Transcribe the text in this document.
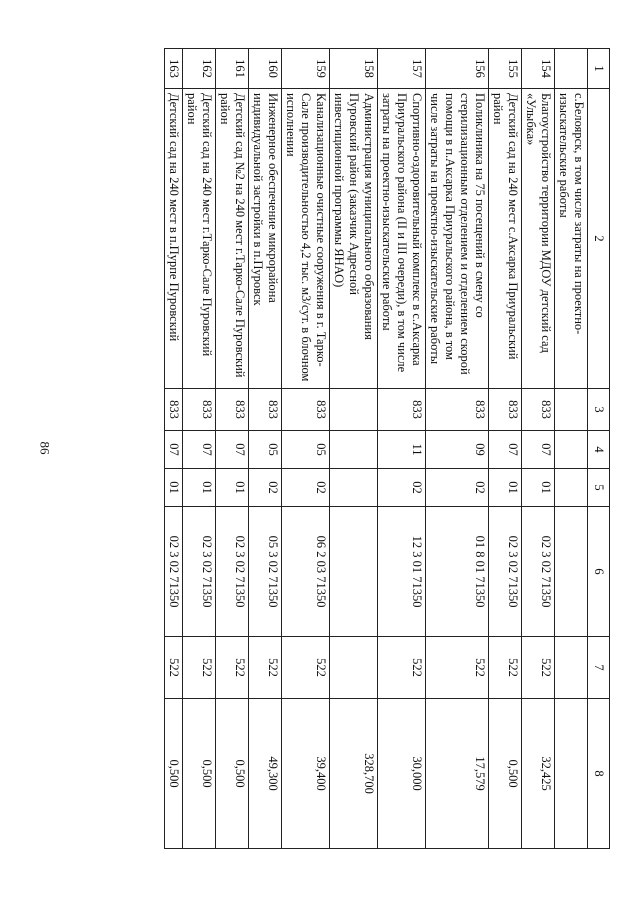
86
1	2	3	4	5	6	7	8
	с.Белоярск, в том числе затраты на проектно-изыскательские работы						
154	Благоустройство территории МДОУ детский сад «Улыбка»	833	07	01	02 3 02 71350	522	32,425
155	Детский сад на 240 мест с.Аксарка Приуральский район	833	07	01	02 3 02 71350	522	0,500
156	Поликлиника на 75 посещений в смену со стерилизационным отделением и отделением скорой помощи в п.Аксарка Приуральского района, в том числе затраты на проектно-изыскательские работы	833	09	02	01 8 01 71350	522	17,579
157	Спортивно-оздоровительный комплекс в с.Аксарка Приуральского района (II и III очереди), в том числе затраты на проектно-изыскательские работы	833	11	02	12 3 01 71350	522	30,000
158	Администрация муниципального образования Пуровский район (заказчик Адресной инвестиционной программы ЯНАО)						328,700
159	Канализационные очистные сооружения в г. Тарко-Сале производительностью 4,2 тыс. м3/сут. в блочном исполнении	833	05	02	06 2 03 71350	522	39,400
160	Инженерное обеспечение микрорайона индивидуальной застройки в п.Пуровск	833	05	02	05 3 02 71350	522	49,300
161	Детский сад №2 на 240 мест г.Тарко-Сале Пуровский район	833	07	01	02 3 02 71350	522	0,500
162	Детский сад на 240 мест г.Тарко-Сале Пуровский район	833	07	01	02 3 02 71350	522	0,500
163	Детский сад на 240 мест в п.Пурпе Пуровский	833	07	01	02 3 02 71350	522	0,500
